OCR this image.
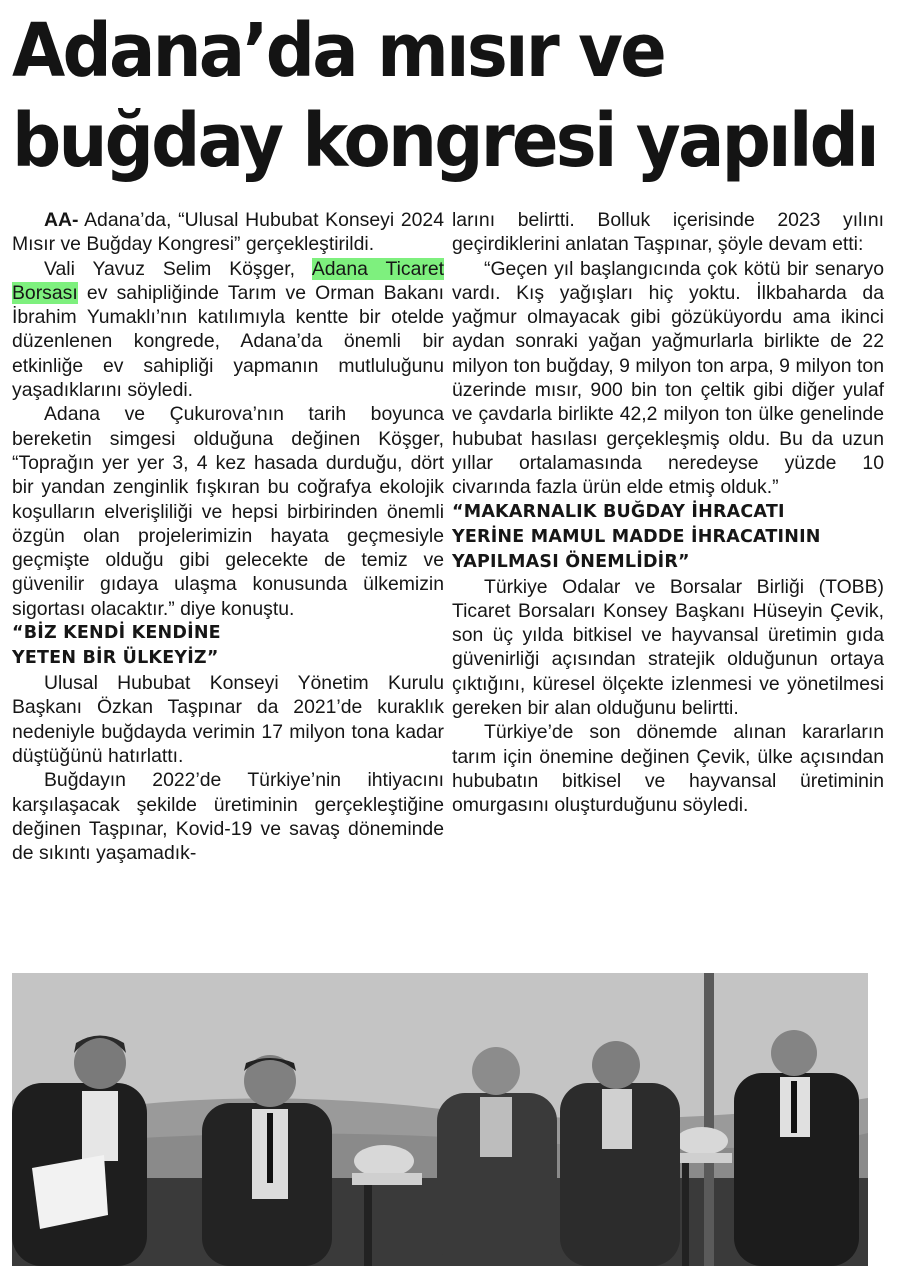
Adana’da mısır ve
buğday kongresi yapıldı

AA- Adana’da, “Ulusal Hububat Konseyi 2024 Mısır ve Buğday Kongresi” gerçekleştirildi.

Vali Yavuz Selim Köşger, Adana Ticaret Borsası ev sahipliğinde Tarım ve Orman Bakanı İbrahim Yumaklı’nın katılımıyla kentte bir otelde düzenlenen kongrede, Adana’da önemli bir etkinliğe ev sahipliği yapmanın mutluluğunu yaşadıklarını söyledi.

Adana ve Çukurova’nın tarih boyunca bereketin simgesi olduğuna değinen Köşger, “Toprağın yer yer 3, 4 kez hasada durduğu, dört bir yandan zenginlik fışkıran bu coğrafya ekolojik koşulların elverişliliği ve hepsi birbirinden önemli özgün olan projelerimizin hayata geçmesiyle geçmişte olduğu gibi gelecekte de temiz ve güvenilir gıdaya ulaşma konusunda ülkemizin sigortası olacaktır.” diye konuştu.

“BİZ KENDİ KENDİNE
YETEN BİR ÜLKEYİZ”

Ulusal Hububat Konseyi Yönetim Kurulu Başkanı Özkan Taşpınar da 2021’de kuraklık nedeniyle buğdayda verimin 17 milyon tona kadar düştüğünü hatırlattı.

Buğdayın 2022’de Türkiye’nin ihtiyacını karşılaşacak şekilde üretiminin gerçekleştiğine değinen Taşpınar, Kovid-19 ve savaş döneminde de sıkıntı yaşamadık-

larını belirtti. Bolluk içerisinde 2023 yılını geçirdiklerini anlatan Taşpınar, şöyle devam etti:

“Geçen yıl başlangıcında çok kötü bir senaryo vardı. Kış yağışları hiç yoktu. İlkbaharda da yağmur olmayacak gibi gözüküyordu ama ikinci aydan sonraki yağan yağmurlarla birlikte de 22 milyon ton buğday, 9 milyon ton arpa, 9 milyon ton üzerinde mısır, 900 bin ton çeltik gibi diğer yulaf ve çavdarla birlikte 42,2 milyon ton ülke genelinde hububat hasılası gerçekleşmiş oldu. Bu da uzun yıllar ortalamasında neredeyse yüzde 10 civarında fazla ürün elde etmiş olduk.”

“MAKARNALIK BUĞDAY İHRACATI
YERİNE MAMUL MADDE İHRACATININ
YAPILMASI ÖNEMLİDİR”

Türkiye Odalar ve Borsalar Birliği (TOBB) Ticaret Borsaları Konsey Başkanı Hüseyin Çevik, son üç yılda bitkisel ve hayvansal üretimin gıda güvenirliği açısından stratejik olduğunun ortaya çıktığını, küresel ölçekte izlenmesi ve yönetilmesi gereken bir alan olduğunu belirtti.

Türkiye’de son dönemde alınan kararların tarım için önemine değinen Çevik, ülke açısından hububatın bitkisel ve hayvansal üretiminin omurgasını oluşturduğunu söyledi.
